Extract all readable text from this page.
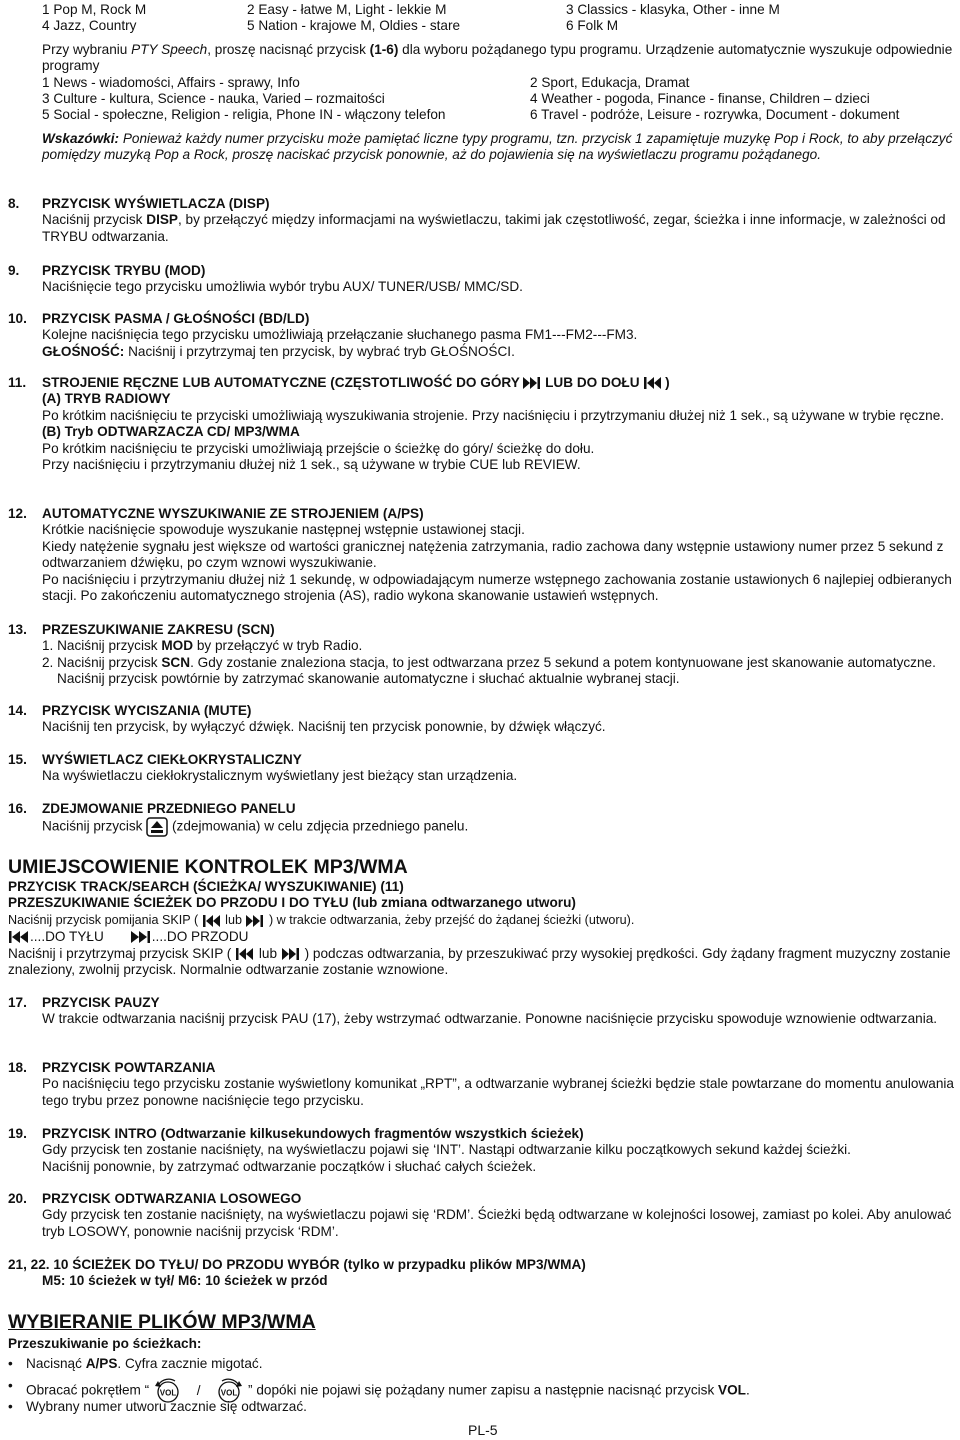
1 Pop M, Rock M	2 Easy - łatwe M, Light - lekkie M	3 Classics - klasyka, Other - inne M
4 Jazz, Country	5 Nation - krajowe M, Oldies - stare	6 Folk M
Przy wybraniu PTY Speech, proszę nacisnąć przycisk (1-6) dla wyboru pożądanego typu programu. Urządzenie automatycznie wyszukuje odpowiednie programy
1 News - wiadomości, Affairs - sprawy, Info	2 Sport, Edukacja, Dramat
3 Culture - kultura, Science - nauka, Varied – rozmaitości	4 Weather - pogoda, Finance - finanse, Children – dzieci
5 Social - społeczne, Religion - religia, Phone IN - włączony telefon	6 Travel - podróże, Leisure - rozrywka, Document - dokument
Wskazówki: Ponieważ każdy numer przycisku może pamiętać liczne typy programu, tzn. przycisk 1 zapamiętuje muzykę Pop i Rock, to aby przełączyć pomiędzy muzyką Pop a Rock, proszę naciskać przycisk ponownie, aż do pojawienia się na wyświetlaczu programu pożądanego.
8. PRZYCISK WYŚWIETLACZA (DISP)
Naciśnij przycisk DISP, by przełączyć między informacjami na wyświetlaczu, takimi jak częstotliwość, zegar, ścieżka i inne informacje, w zależności od TRYBU odtwarzania.
9. PRZYCISK TRYBU (MOD)
Naciśnięcie tego przycisku umożliwia wybór trybu AUX/ TUNER/USB/ MMC/SD.
10. PRZYCISK PASMA / GŁOŚNOŚCI (BD/LD)
Kolejne naciśnięcia tego przycisku umożliwiają przełączanie słuchanego pasma FM1---FM2---FM3.
GŁOŚNOŚĆ: Naciśnij i przytrzymaj ten przycisk, by wybrać tryb GŁOŚNOŚCI.
11. STROJENIE RĘCZNE LUB AUTOMATYCZNE (CZĘSTOTLIWOŚĆ DO GÓRY LUB DO DOŁU )
(A) TRYB RADIOWY
Po krótkim naciśnięciu te przyciski umożliwiają wyszukiwania strojenie. Przy naciśnięciu i przytrzymaniu dłużej niż 1 sek., są używane w trybie ręczne.
(B) Tryb ODTWARZACZA CD/ MP3/WMA
Po krótkim naciśnięciu te przyciski umożliwiają przejście o ścieżkę do góry/ ścieżkę do dołu.
Przy naciśnięciu i przytrzymaniu dłużej niż 1 sek., są używane w trybie CUE lub REVIEW.
12. AUTOMATYCZNE WYSZUKIWANIE ZE STROJENIEM (A/PS)
Krótkie naciśnięcie spowoduje wyszukanie następnej wstępnie ustawionej stacji.
Kiedy natężenie sygnału jest większe od wartości granicznej natężenia zatrzymania, radio zachowa dany wstępnie ustawiony numer przez 5 sekund z odtwarzaniem dźwięku, po czym wznowi wyszukiwanie.
Po naciśnięciu i przytrzymaniu dłużej niż 1 sekundę, w odpowiadającym numerze wstępnego zachowania zostanie ustawionych 6 najlepiej odbieranych stacji. Po zakończeniu automatycznego strojenia (AS), radio wykona skanowanie ustawień wstępnych.
13. PRZESZUKIWANIE ZAKRESU (SCN)
1. Naciśnij przycisk MOD by przełączyć w tryb Radio.
2. Naciśnij przycisk SCN. Gdy zostanie znaleziona stacja, to jest odtwarzana przez 5 sekund a potem kontynuowane jest skanowanie automatyczne. Naciśnij przycisk powtórnie by zatrzymać skanowanie automatyczne i słuchać aktualnie wybranej stacji.
14. PRZYCISK WYCISZANIA (MUTE)
Naciśnij ten przycisk, by wyłączyć dźwięk. Naciśnij ten przycisk ponownie, by dźwięk włączyć.
15. WYŚWIETLACZ CIEKŁOKRYSTALICZNY
Na wyświetlaczu ciekłokrystalicznym wyświetlany jest bieżący stan urządzenia.
16. ZDEJMOWANIE PRZEDNIEGO PANELU
Naciśnij przycisk (zdejmowania) w celu zdjęcia przedniego panelu.
UMIEJSCOWIENIE KONTROLEK MP3/WMA
PRZYCISK TRACK/SEARCH (ŚCIEŻKA/ WYSZUKIWANIE) (11)
PRZESZUKIWANIE ŚCIEŻEK DO PRZODU I DO TYŁU (lub zmiana odtwarzanego utworu)
Naciśnij przycisk pomijania SKIP ( lub ) w trakcie odtwarzania, żeby przejść do żądanej ścieżki (utworu).
....DO TYŁU	....DO PRZODU
Naciśnij i przytrzymaj przycisk SKIP ( lub ) podczas odtwarzania, by przeszukiwać przy wysokiej prędkości. Gdy żądany fragment muzyczny zostanie znaleziony, zwolnij przycisk. Normalnie odtwarzanie zostanie wznowione.
17. PRZYCISK PAUZY
W trakcie odtwarzania naciśnij przycisk PAU (17), żeby wstrzymać odtwarzanie. Ponowne naciśnięcie przycisku spowoduje wznowienie odtwarzania.
18. PRZYCISK POWTARZANIA
Po naciśnięciu tego przycisku zostanie wyświetlony komunikat „RPT”, a odtwarzanie wybranej ścieżki będzie stale powtarzane do momentu anulowania tego trybu przez ponowne naciśnięcie tego przycisku.
19. PRZYCISK INTRO (Odtwarzanie kilkusekundowych fragmentów wszystkich ścieżek)
Gdy przycisk ten zostanie naciśnięty, na wyświetlaczu pojawi się ‘INT’. Nastąpi odtwarzanie kilku początkowych sekund każdej ścieżki.
Naciśnij ponownie, by zatrzymać odtwarzanie początków i słuchać całych ścieżek.
20. PRZYCISK ODTWARZANIA LOSOWEGO
Gdy przycisk ten zostanie naciśnięty, na wyświetlaczu pojawi się ‘RDM’. Ścieżki będą odtwarzane w kolejności losowej, zamiast po kolei. Aby anulować tryb LOSOWY, ponownie naciśnij przycisk ‘RDM’.
21, 22. 10 ŚCIEŻEK DO TYŁU/ DO PRZODU WYBÓR (tylko w przypadku plików MP3/WMA)
M5: 10 ścieżek w tył/ M6: 10 ścieżek w przód
WYBIERANIE PLIKÓW MP3/WMA
Przeszukiwanie po ścieżkach:
• Nacisnąć A/PS. Cyfra zacznie migotać.
• Obracać pokrętłem “ VOL /	VOL ” dopóki nie pojawi się pożądany numer zapisu a następnie nacisnąć przycisk VOL.
• Wybrany numer utworu zacznie się odtwarzać.
PL-5
